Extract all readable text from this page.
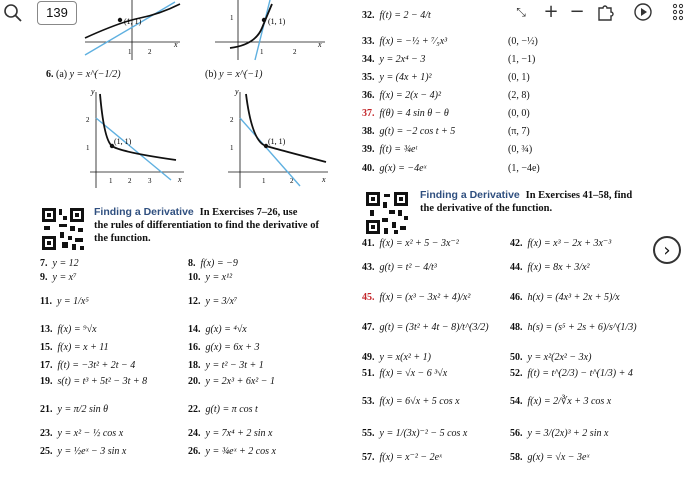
139	⤡ + −
(1, 1)
1 2
x
(1, 1)
1
1	2
x
6. (a) y = x^(−1/2)	(b) y = x^(−1)
y
x
2
1
1 2 3
(1, 1)
y
x
2
1
1	2
(1, 1)
Finding a Derivative In Exercises 7–26, use
the rules of differentiation to find the derivative of
the function.
7. y = 12	8. f(x) = −9
9. y = x⁷	10. y = x¹²
11. y = 1/x⁵	12. y = 3/x⁷
13. f(x) = ⁹√x	14. g(x) = ⁴√x
15. f(x) = x + 11	16. g(x) = 6x + 3
17. f(t) = −3t² + 2t − 4	18. y = t² − 3t + 1
19. s(t) = t³ + 5t² − 3t + 8	20. y = 2x³ + 6x² − 1
21. y = π/2 sin θ	22. g(t) = π cos t
23. y = x² − ½ cos x	24. y = 7x⁴ + 2 sin x
25. y = ½eˣ − 3 sin x	26. y = ¾eˣ + 2 cos x
32. f(t) = 2 − 4/t
33. f(x) = −½ + ⁷⁄₅x³	(0, −½)
34. y = 2x⁴ − 3	(1, −1)
35. y = (4x + 1)²	(0, 1)
36. f(x) = 2(x − 4)²	(2, 8)
37. f(θ) = 4 sin θ − θ	(0, 0)
38. g(t) = −2 cos t + 5	(π, 7)
39. f(t) = ¾eᵗ	(0, ¾)
40. g(x) = −4eˣ	(1, −4e)
Finding a Derivative In Exercises 41–58, find
the derivative of the function.
41. f(x) = x² + 5 − 3x⁻²	42. f(x) = x³ − 2x + 3x⁻³
43. g(t) = t² − 4/t³	44. f(x) = 8x + 3/x²
45. f(x) = (x³ − 3x² + 4)/x²	46. h(x) = (4x³ + 2x + 5)/x
47. g(t) = (3t² + 4t − 8)/t^(3/2) 48. h(s) = (s⁵ + 2s + 6)/s^(1/3)
49. y = x(x² + 1)	50. y = x²(2x² − 3x)
51. f(x) = √x − 6 ³√x	52. f(t) = t^(2/3) − t^(1/3) + 4
53. f(x) = 6√x + 5 cos x	54. f(x) = 2/∛x + 3 cos x
55. y = 1/(3x)⁻² − 5 cos x	56. y = 3/(2x)³ + 2 sin x
57. f(x) = x⁻² − 2eˣ	58. g(x) = √x − 3eˣ
›
